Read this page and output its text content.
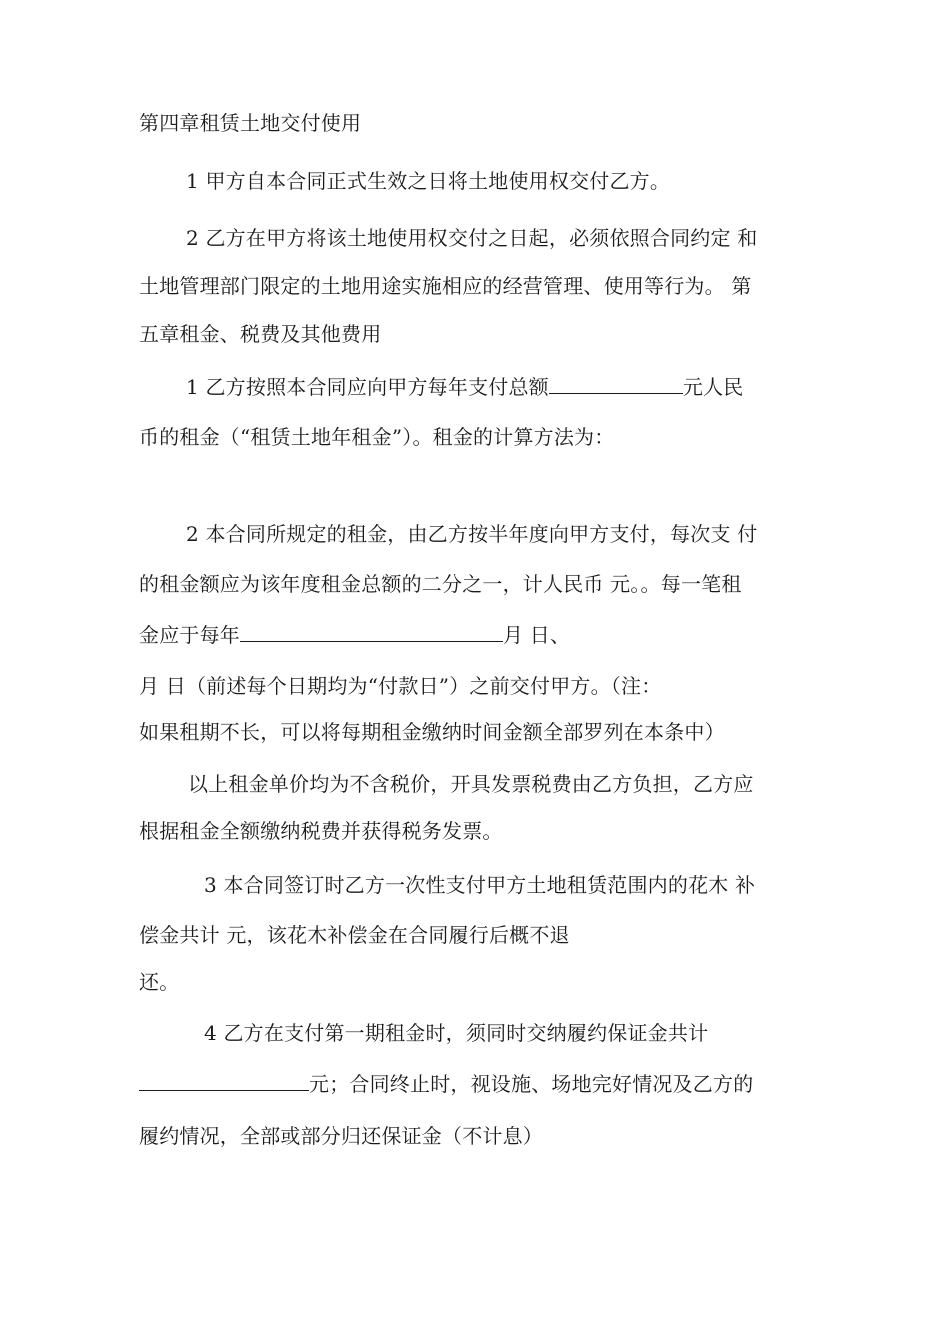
第四章租赁土地交付使用
1 甲方自本合同正式生效之日将土地使用权交付乙方。
2 乙方在甲方将该土地使用权交付之日起，必须依照合同约定 和
土地管理部门限定的土地用途实施相应的经营管理、使用等行为。 第
五章租金、税费及其他费用
1 乙方按照本合同应向甲方每年支付总额	元人民
币的租金（“租赁土地年租金”）。租金的计算方法为：
2 本合同所规定的租金，由乙方按半年度向甲方支付，每次支 付
的租金额应为该年度租金总额的二分之一，计人民币 元。。每一笔租
金应于每年	月 日、
月 日（前述每个日期均为“付款日”）之前交付甲方。（注：
如果租期不长，可以将每期租金缴纳时间金额全部罗列在本条中）
以上租金单价均为不含税价，开具发票税费由乙方负担，乙方应
根据租金全额缴纳税费并获得税务发票。
3 本合同签订时乙方一次性支付甲方土地租赁范围内的花木 补
偿金共计 元，该花木补偿金在合同履行后概不退
还。
4 乙方在支付第一期租金时，须同时交纳履约保证金共计
元；合同终止时，视设施、场地完好情况及乙方的
履约情况，全部或部分归还保证金（不计息）
